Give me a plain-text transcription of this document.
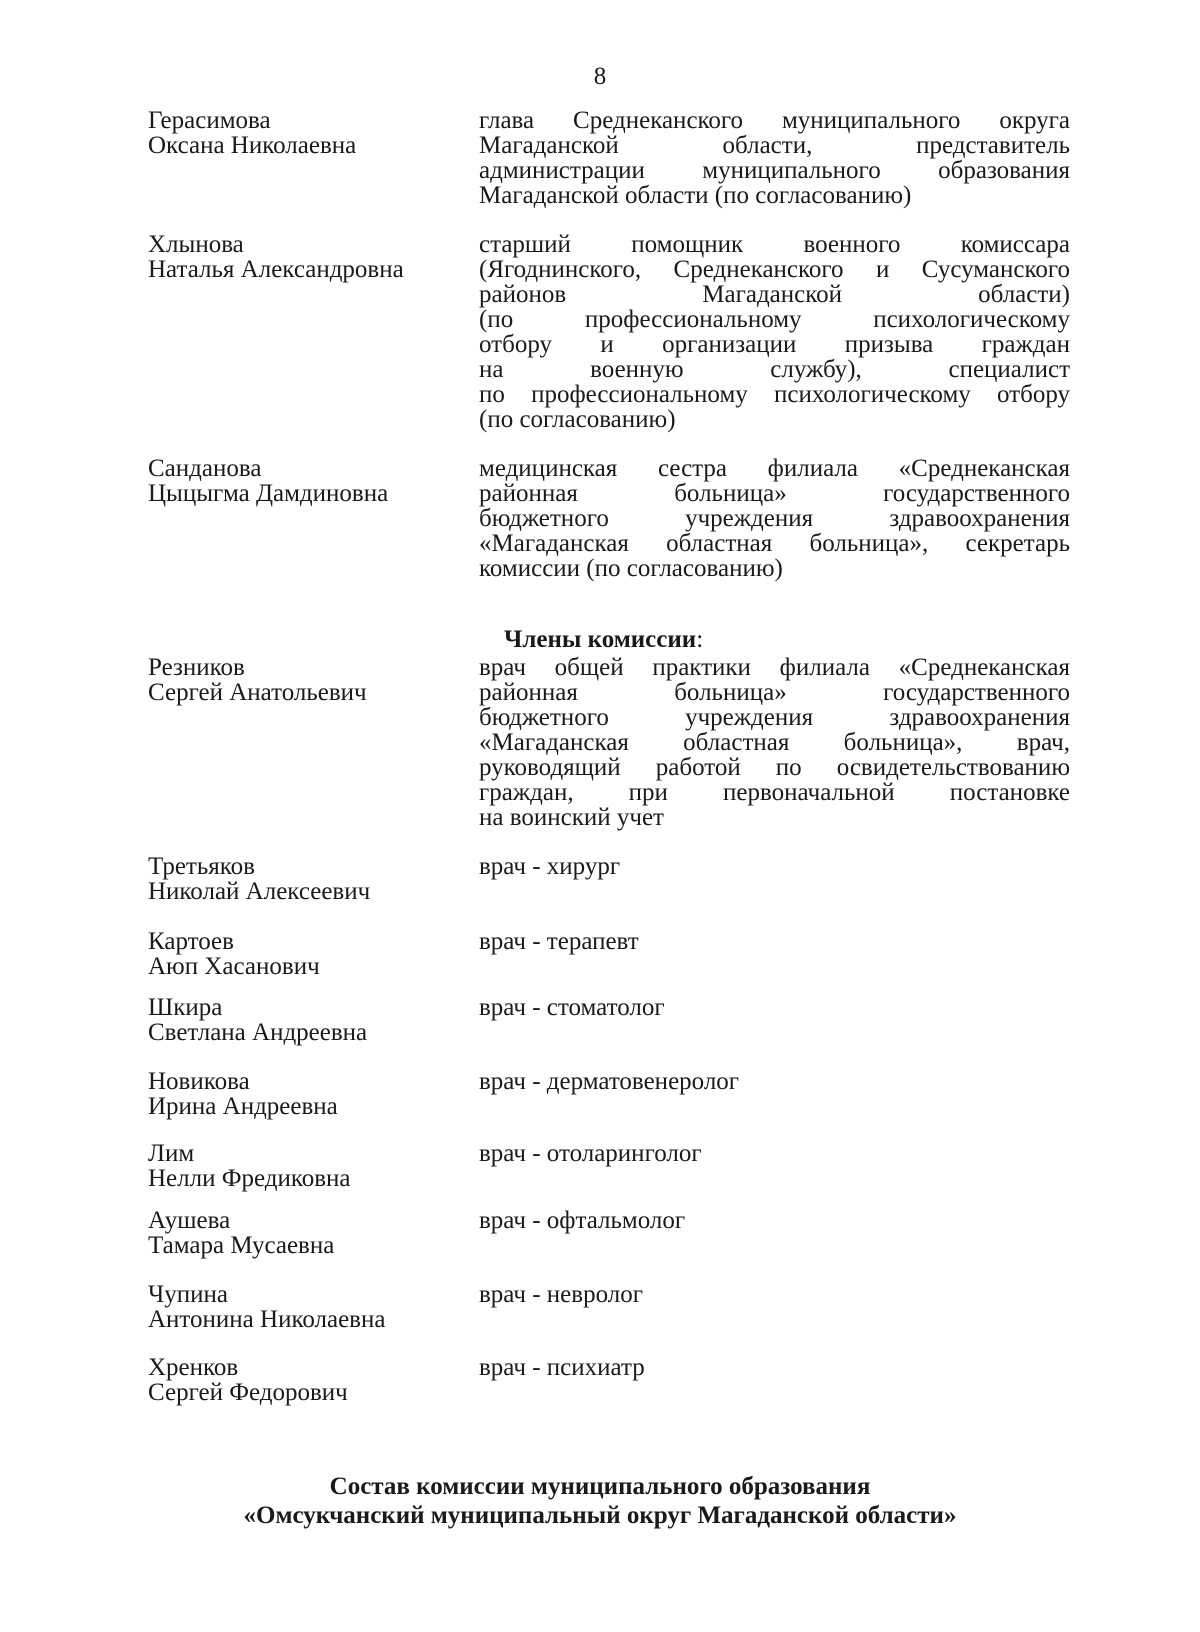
8
Герасимова
Оксана Николаевна
глава Среднеканского муниципального округа
Магаданской области, представитель
администрации муниципального образования
Магаданской области (по согласованию)
Хлынова
Наталья Александровна
старший помощник военного комиссара
(Ягоднинского, Среднеканского и Сусуманского
районов Магаданской области)
(по профессиональному психологическому
отбору и организации призыва граждан
на военную службу), специалист
по профессиональному психологическому отбору
(по согласованию)
Санданова
Цыцыгма Дамдиновна
медицинская сестра филиала «Среднеканская
районная больница» государственного
бюджетного учреждения здравоохранения
«Магаданская областная больница», секретарь
комиссии (по согласованию)
Члены комиссии:
Резников
Сергей Анатольевич
врач общей практики филиала «Среднеканская
районная больница» государственного
бюджетного учреждения здравоохранения
«Магаданская областная больница», врач,
руководящий работой по освидетельствованию
граждан, при первоначальной постановке
на воинский учет
Третьяков
Николай Алексеевич
врач - хирург
Картоев
Аюп Хасанович
врач - терапевт
Шкира
Светлана Андреевна
врач - стоматолог
Новикова
Ирина Андреевна
врач - дерматовенеролог
Лим
Нелли Фредиковна
врач - отоларинголог
Аушева
Тамара Мусаевна
врач - офтальмолог
Чупина
Антонина Николаевна
врач - невролог
Хренков
Сергей Федорович
врач - психиатр
Состав комиссии муниципального образования
«Омсукчанский муниципальный округ Магаданской области»
